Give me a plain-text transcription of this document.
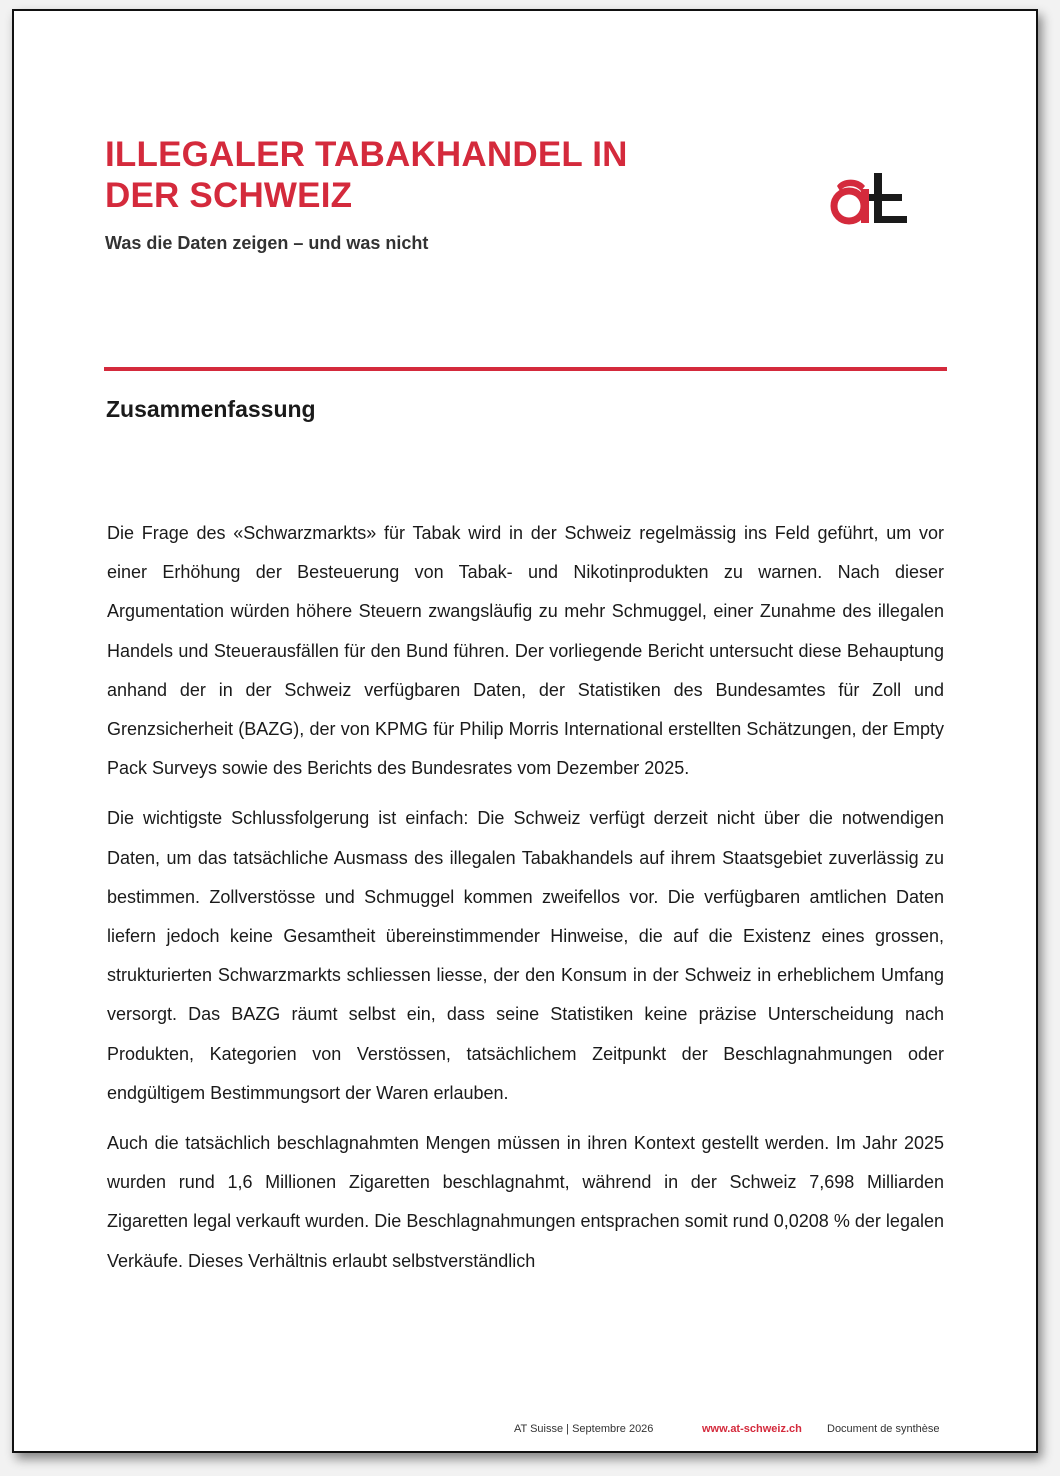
ILLEGALER TABAKHANDEL IN
DER SCHWEIZ
Was die Daten zeigen – und was nicht
Zusammenfassung

Die Frage des «Schwarzmarkts» für Tabak wird in der Schweiz regelmässig ins Feld geführt, um vor einer Erhöhung der Besteuerung von Tabak- und Nikotinprodukten zu warnen. Nach dieser Argumentation würden höhere Steuern zwangsläufig zu mehr Schmuggel, einer Zunahme des illegalen Handels und Steuerausfällen für den Bund führen. Der vorliegende Bericht untersucht diese Behauptung anhand der in der Schweiz verfügbaren Daten, der Statistiken des Bundesamtes für Zoll und Grenzsicherheit (BAZG), der von KPMG für Philip Morris International erstellten Schätzungen, der Empty Pack Surveys sowie des Berichts des Bundesrates vom Dezember 2025.

Die wichtigste Schlussfolgerung ist einfach: Die Schweiz verfügt derzeit nicht über die notwendigen Daten, um das tatsächliche Ausmass des illegalen Tabakhandels auf ihrem Staatsgebiet zuverlässig zu bestimmen. Zollverstösse und Schmuggel kommen zweifellos vor. Die verfügbaren amtlichen Daten liefern jedoch keine Gesamtheit übereinstimmender Hinweise, die auf die Existenz eines grossen, strukturierten Schwarzmarkts schliessen liesse, der den Konsum in der Schweiz in erheblichem Umfang versorgt. Das BAZG räumt selbst ein, dass seine Statistiken keine präzise Unterscheidung nach Produkten, Kategorien von Verstössen, tatsächlichem Zeitpunkt der Beschlagnahmungen oder endgültigem Bestimmungsort der Waren erlauben.

Auch die tatsächlich beschlagnahmten Mengen müssen in ihren Kontext gestellt werden. Im Jahr 2025 wurden rund 1,6 Millionen Zigaretten beschlagnahmt, während in der Schweiz 7,698 Milliarden Zigaretten legal verkauft wurden. Die Beschlagnahmungen entsprachen somit rund 0,0208 % der legalen Verkäufe. Dieses Verhältnis erlaubt selbstverständlich

AT Suisse | Septembre 2026	www.at-schweiz.ch Document de synthèse
